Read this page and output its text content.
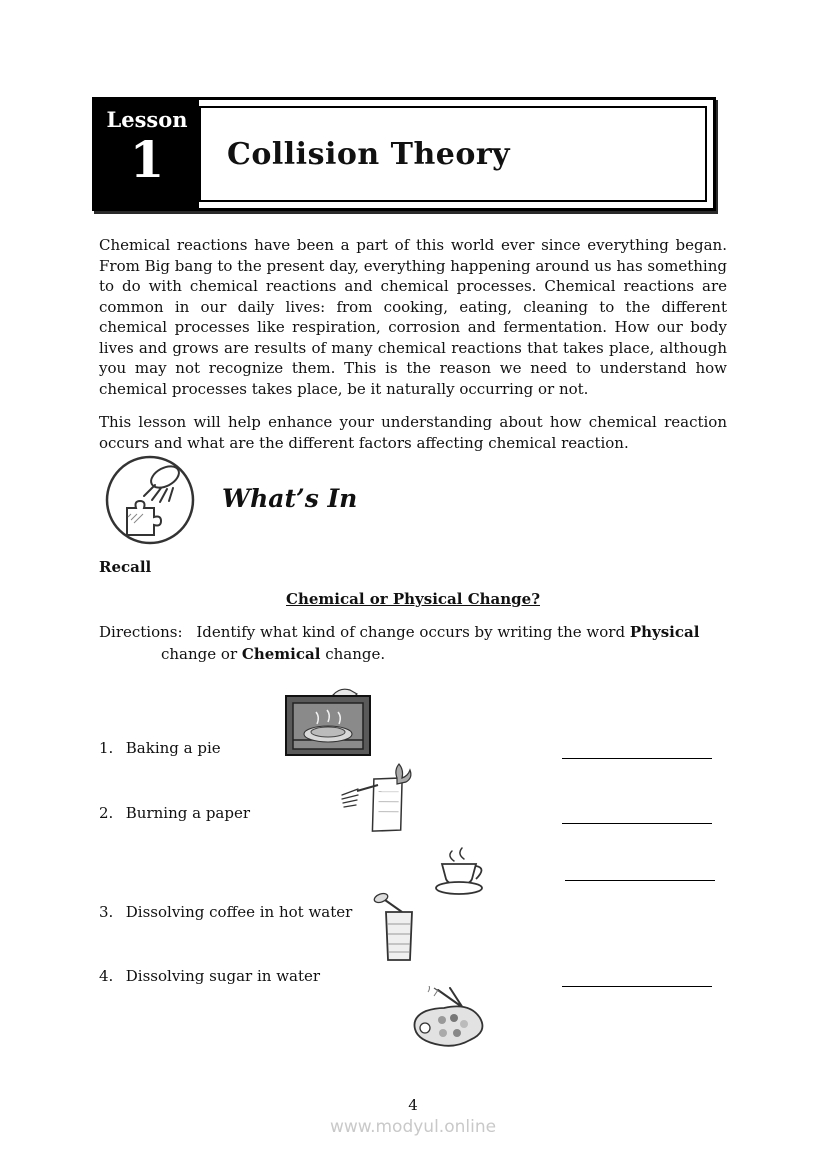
Lesson
1	Collision Theory

Chemical reactions have been a part of this world ever since everything began. From Big bang to the present day, everything happening around us has something to do with chemical reactions and chemical processes. Chemical reactions are common in our daily lives: from cooking, eating, cleaning to the different chemical processes like respiration, corrosion and fermentation. How our body lives and grows are results of many chemical reactions that takes place, although you may not recognize them. This is the reason we need to understand how chemical processes takes place, be it naturally occurring or not.

This lesson will help enhance your understanding about how chemical reaction occurs and what are the different factors affecting chemical reaction.

What’s In
Recall
Chemical or Physical Change?
Directions: Identify what kind of change occurs by writing the word Physical
change or Chemical change.
1. Baking a pie
2. Burning a paper
3. Dissolving coffee in hot water
4. Dissolving sugar in water
4
www.modyul.online
